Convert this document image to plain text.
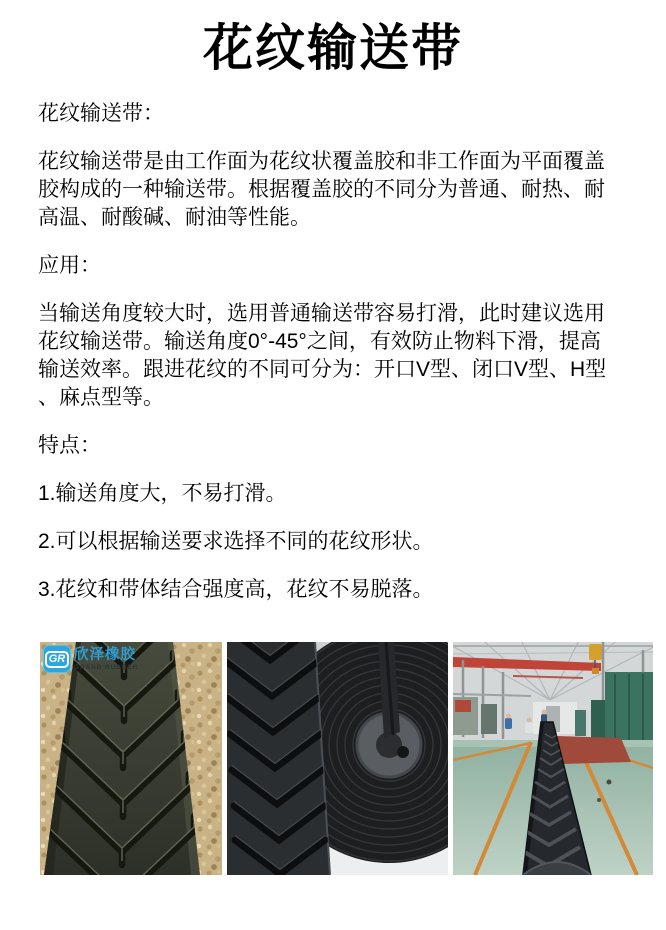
花纹输送带

花纹输送带：

花纹输送带是由工作面为花纹状覆盖胶和非工作面为平面覆盖
胶构成的一种输送带。根据覆盖胶的不同分为普通、耐热、耐
高温、耐酸碱、耐油等性能。

应用：

当输送角度较大时，选用普通输送带容易打滑，此时建议选用
花纹输送带。输送角度0°-45°之间，有效防止物料下滑，提高
输送效率。跟进花纹的不同可分为：开口V型、闭口V型、H型
、麻点型等。

特点：

1.输送角度大，不易打滑。

2.可以根据输送要求选择不同的花纹形状。

3.花纹和带体结合强度高，花纹不易脱落。

GR 欣泽橡胶
GRAND RUBBER
